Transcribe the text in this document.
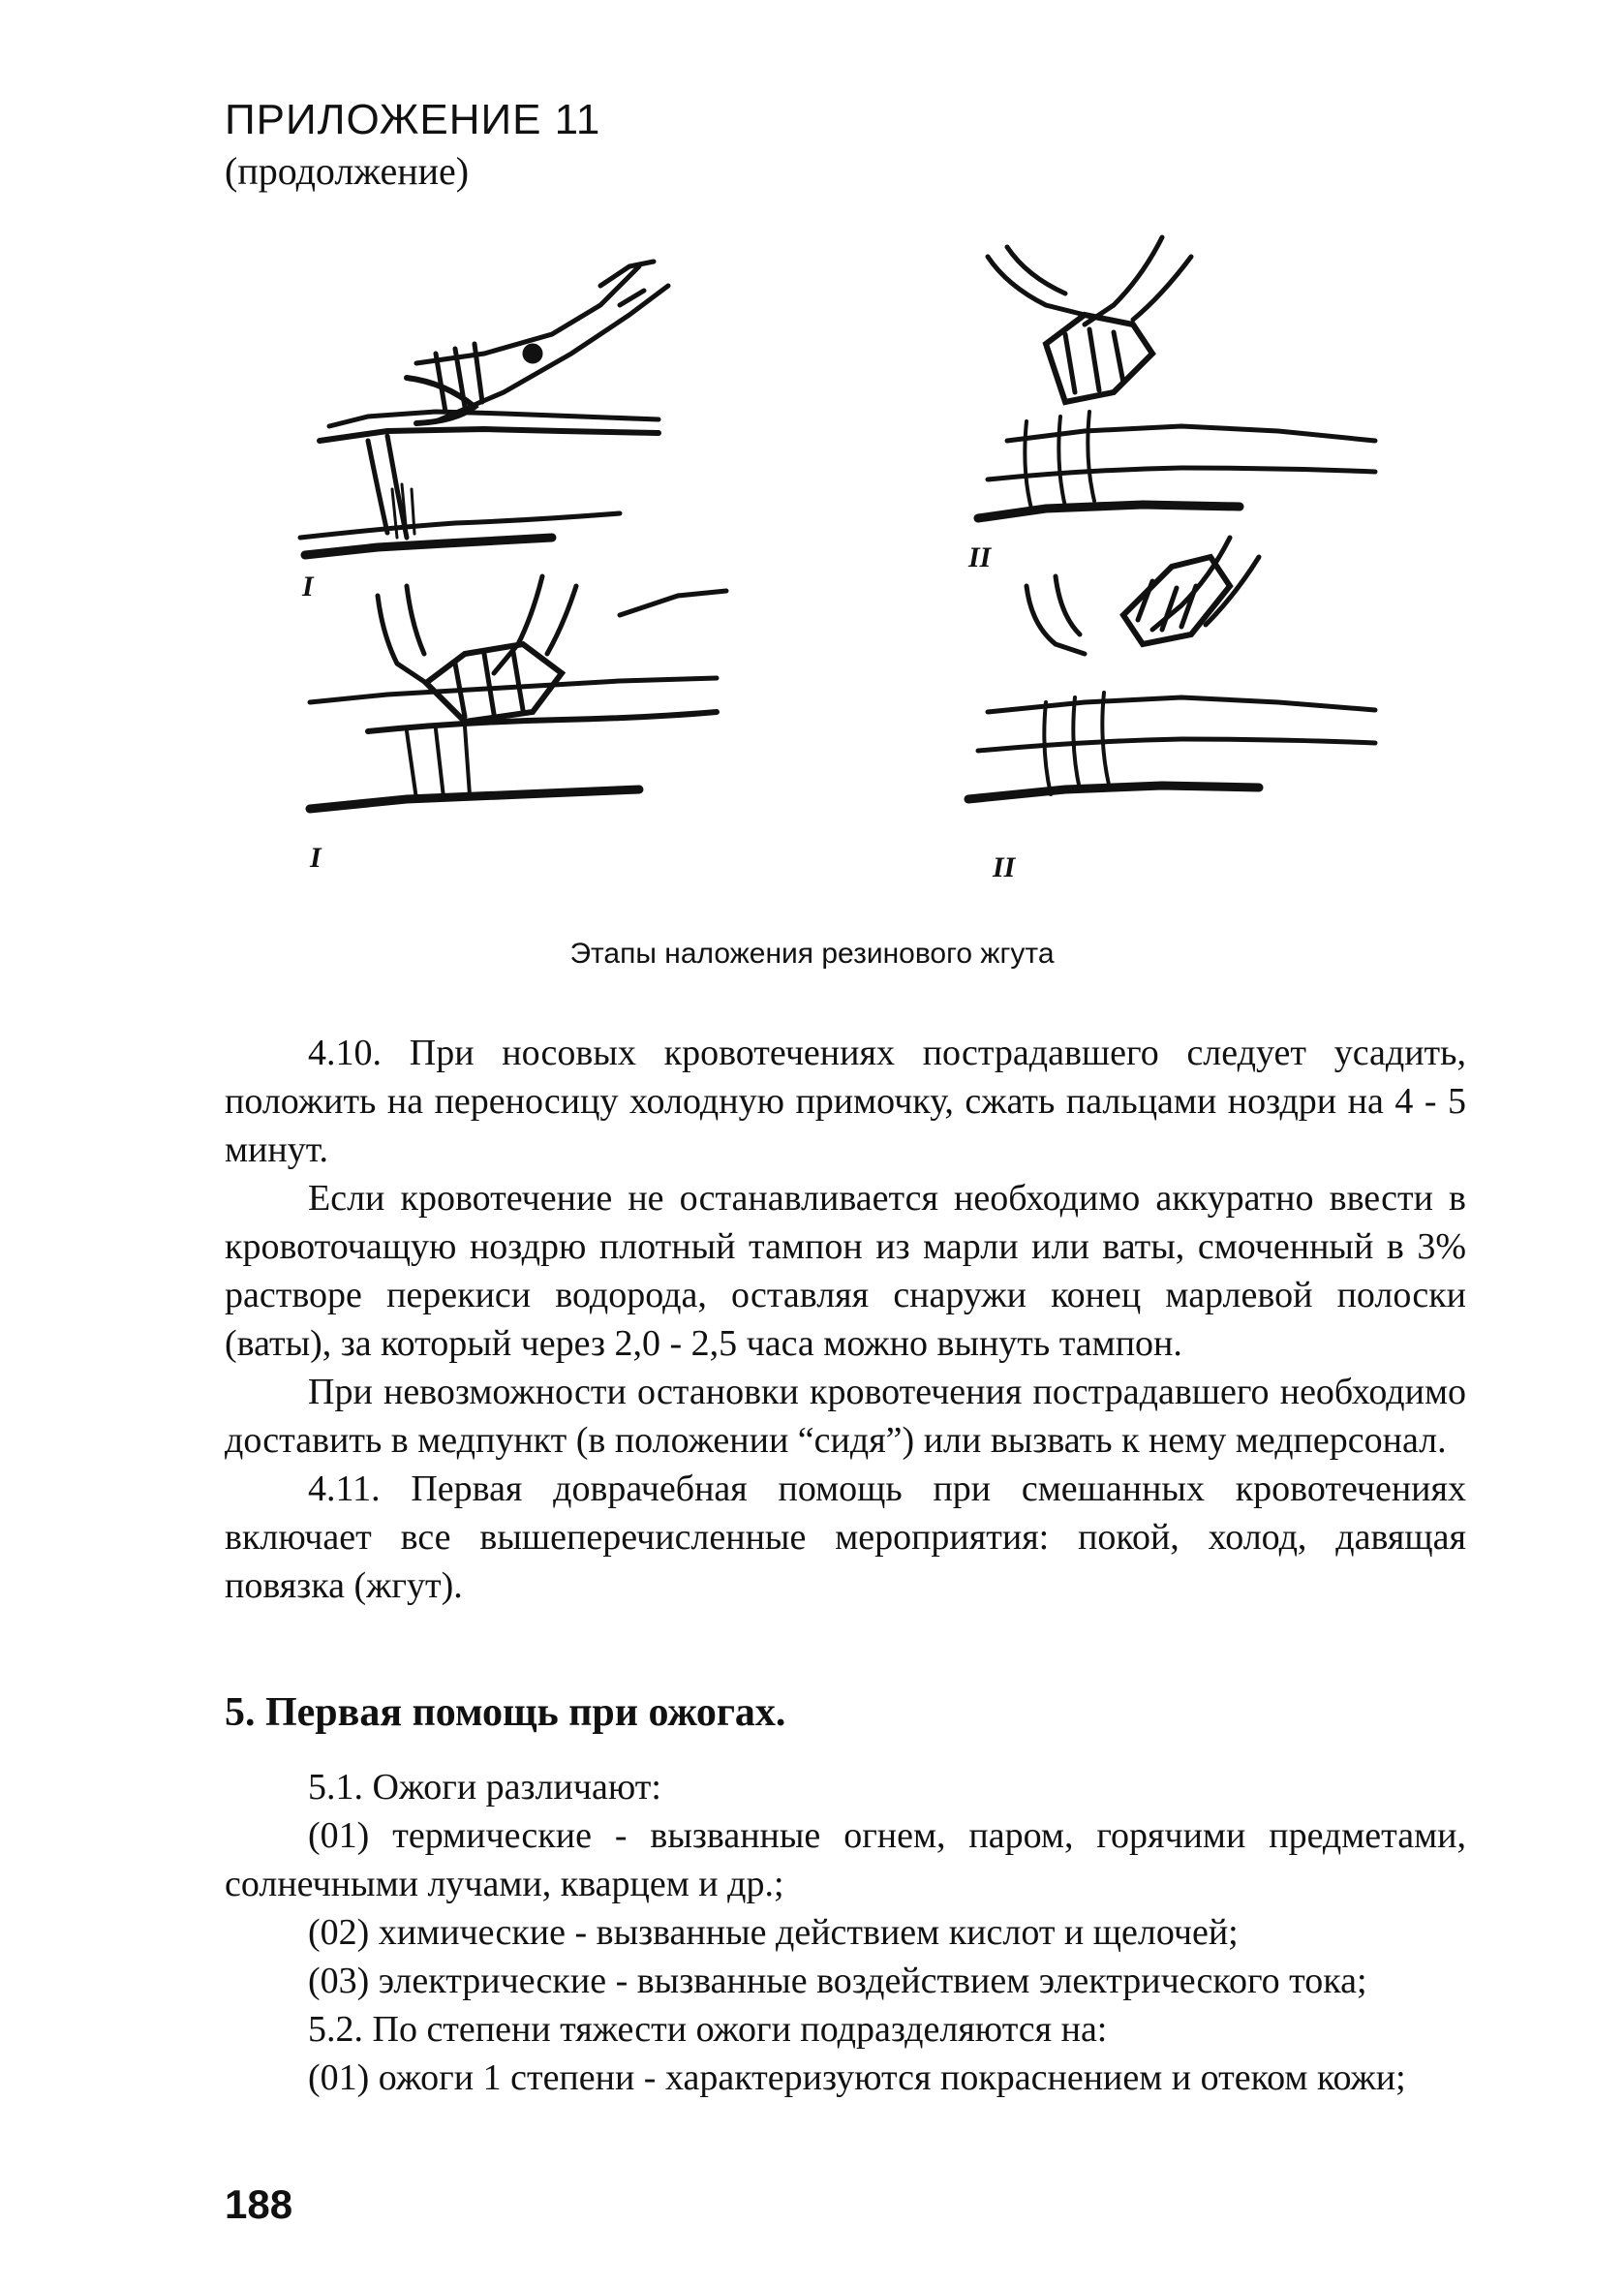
ПРИЛОЖЕНИЕ 11
(продолжение)
I
II
I	II
Этапы наложения резинового жгута

4.10. При носовых кровотечениях пострадавшего следует усадить, положить на переносицу холодную примочку, сжать пальцами ноздри на 4 - 5 минут.

Если кровотечение не останавливается необходимо аккуратно ввести в кровоточащую ноздрю плотный тампон из марли или ваты, смоченный в 3% растворе перекиси водорода, оставляя снаружи конец марлевой полоски (ваты), за который через 2,0 - 2,5 часа можно вынуть тампон.

При невозможности остановки кровотечения пострадавшего необходимо доставить в медпункт (в положении “сидя”) или вызвать к нему медперсонал.

4.11. Первая доврачебная помощь при смешанных кровотечениях включает все вышеперечисленные мероприятия: покой, холод, давящая повязка (жгут).

5. Первая помощь при ожогах.

5.1. Ожоги различают:

(01) термические - вызванные огнем, паром, горячими предметами, солнечными лучами, кварцем и др.;

(02) химические - вызванные действием кислот и щелочей;

(03) электрические - вызванные воздействием электрического тока;

5.2. По степени тяжести ожоги подразделяются на:

(01) ожоги 1 степени - характеризуются покраснением и отеком кожи;

188
